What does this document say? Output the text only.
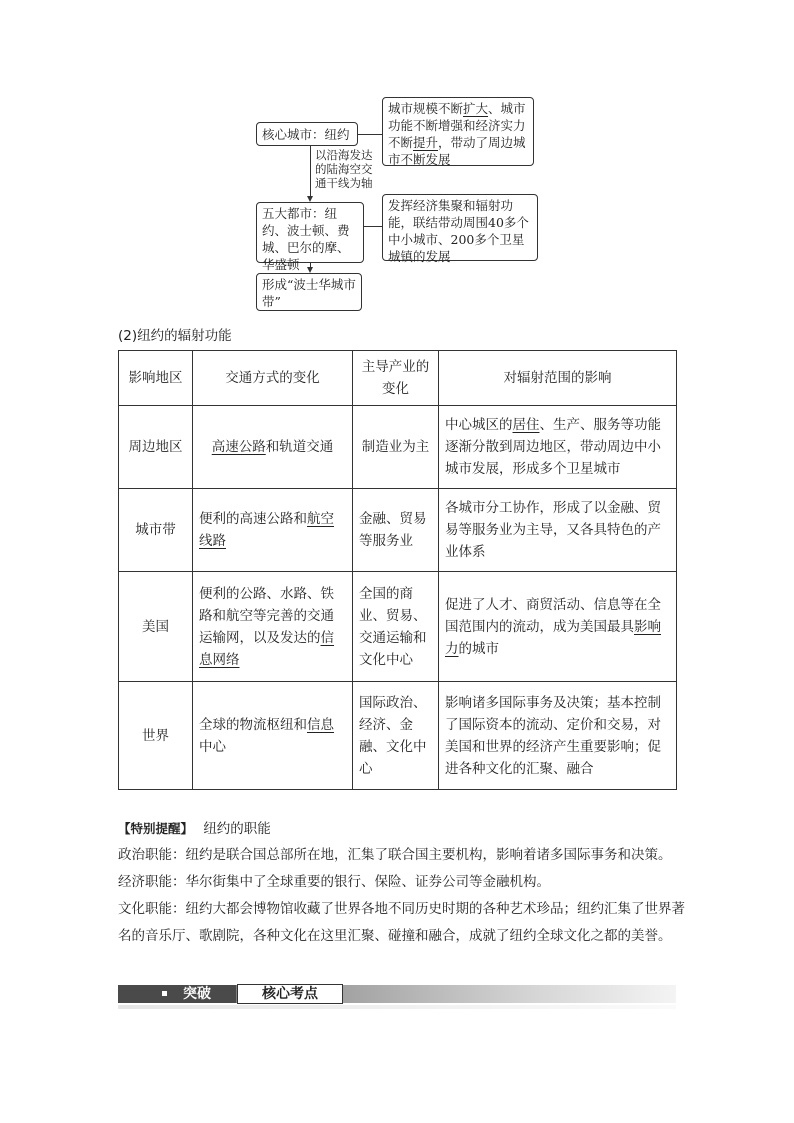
核心城市：纽约
城市规模不断扩大、城市功能不断增强和经济实力不断提升，带动了周边城市不断发展
以沿海发达的陆海空交通干线为轴
五大都市：纽约、波士顿、费城、巴尔的摩、华盛顿
发挥经济集聚和辐射功能，联结带动周围40多个中小城市、200多个卫星城镇的发展
形成“波士华城市带”
(2)纽约的辐射功能
影响地区	交通方式的变化	主导产业的变化	对辐射范围的影响
周边地区	高速公路和轨道交通	制造业为主	中心城区的居住、生产、服务等功能逐渐分散到周边地区，带动周边中小城市发展，形成多个卫星城市
城市带	便利的高速公路和航空线路	金融、贸易等服务业	各城市分工协作，形成了以金融、贸易等服务业为主导，又各具特色的产业体系
美国	便利的公路、水路、铁路和航空等完善的交通运输网，以及发达的信息网络	全国的商业、贸易、交通运输和文化中心	促进了人才、商贸活动、信息等在全国范围内的流动，成为美国最具影响力的城市
世界	全球的物流枢纽和信息中心	国际政治、经济、金融、文化中心	影响诸多国际事务及决策；基本控制了国际资本的流动、定价和交易，对美国和世界的经济产生重要影响；促进各种文化的汇聚、融合
【特别提醒】 纽约的职能
政治职能：纽约是联合国总部所在地，汇集了联合国主要机构，影响着诸多国际事务和决策。
经济职能：华尔街集中了全球重要的银行、保险、证券公司等金融机构。
文化职能：纽约大都会博物馆收藏了世界各地不同历史时期的各种艺术珍品；纽约汇集了世界著名的音乐厅、歌剧院，各种文化在这里汇聚、碰撞和融合，成就了纽约全球文化之都的美誉。
突破	核心考点
